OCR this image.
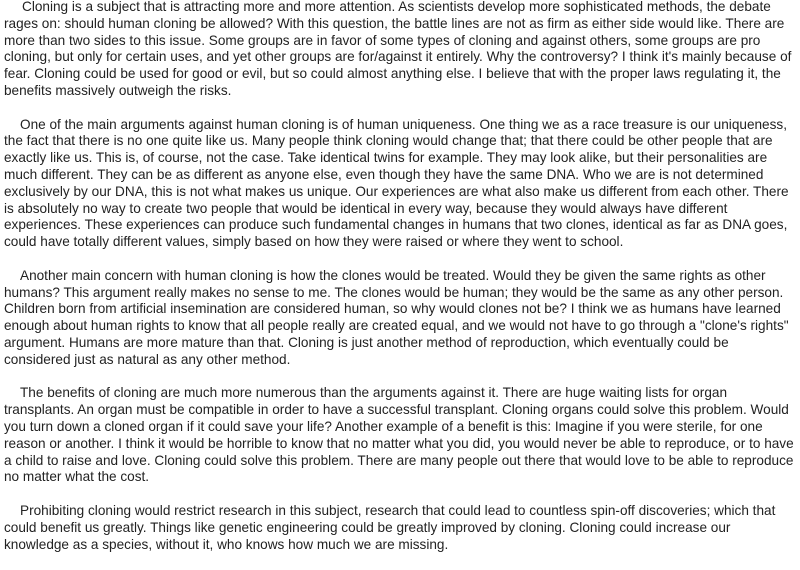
Cloning is a subject that is attracting more and more attention. As scientists develop more sophisticated methods, the debate rages on: should human cloning be allowed? With this question, the battle lines are not as firm as either side would like. There are more than two sides to this issue. Some groups are in favor of some types of cloning and against others, some groups are pro cloning, but only for certain uses, and yet other groups are for/against it entirely. Why the controversy? I think it's mainly because of fear. Cloning could be used for good or evil, but so could almost anything else. I believe that with the proper laws regulating it, the benefits massively outweigh the risks.

One of the main arguments against human cloning is of human uniqueness. One thing we as a race treasure is our uniqueness, the fact that there is no one quite like us. Many people think cloning would change that; that there could be other people that are exactly like us. This is, of course, not the case. Take identical twins for example. They may look alike, but their personalities are much different. They can be as different as anyone else, even though they have the same DNA. Who we are is not determined exclusively by our DNA, this is not what makes us unique. Our experiences are what also make us different from each other. There is absolutely no way to create two people that would be identical in every way, because they would always have different experiences. These experiences can produce such fundamental changes in humans that two clones, identical as far as DNA goes, could have totally different values, simply based on how they were raised or where they went to school.

Another main concern with human cloning is how the clones would be treated. Would they be given the same rights as other humans? This argument really makes no sense to me. The clones would be human; they would be the same as any other person. Children born from artificial insemination are considered human, so why would clones not be? I think we as humans have learned enough about human rights to know that all people really are created equal, and we would not have to go through a "clone's rights" argument. Humans are more mature than that. Cloning is just another method of reproduction, which eventually could be considered just as natural as any other method.

The benefits of cloning are much more numerous than the arguments against it. There are huge waiting lists for organ transplants. An organ must be compatible in order to have a successful transplant. Cloning organs could solve this problem. Would you turn down a cloned organ if it could save your life? Another example of a benefit is this: Imagine if you were sterile, for one reason or another. I think it would be horrible to know that no matter what you did, you would never be able to reproduce, or to have a child to raise and love. Cloning could solve this problem. There are many people out there that would love to be able to reproduce no matter what the cost.

Prohibiting cloning would restrict research in this subject, research that could lead to countless spin-off discoveries; which that could benefit us greatly. Things like genetic engineering could be greatly improved by cloning. Cloning could increase our knowledge as a species, without it, who knows how much we are missing.
